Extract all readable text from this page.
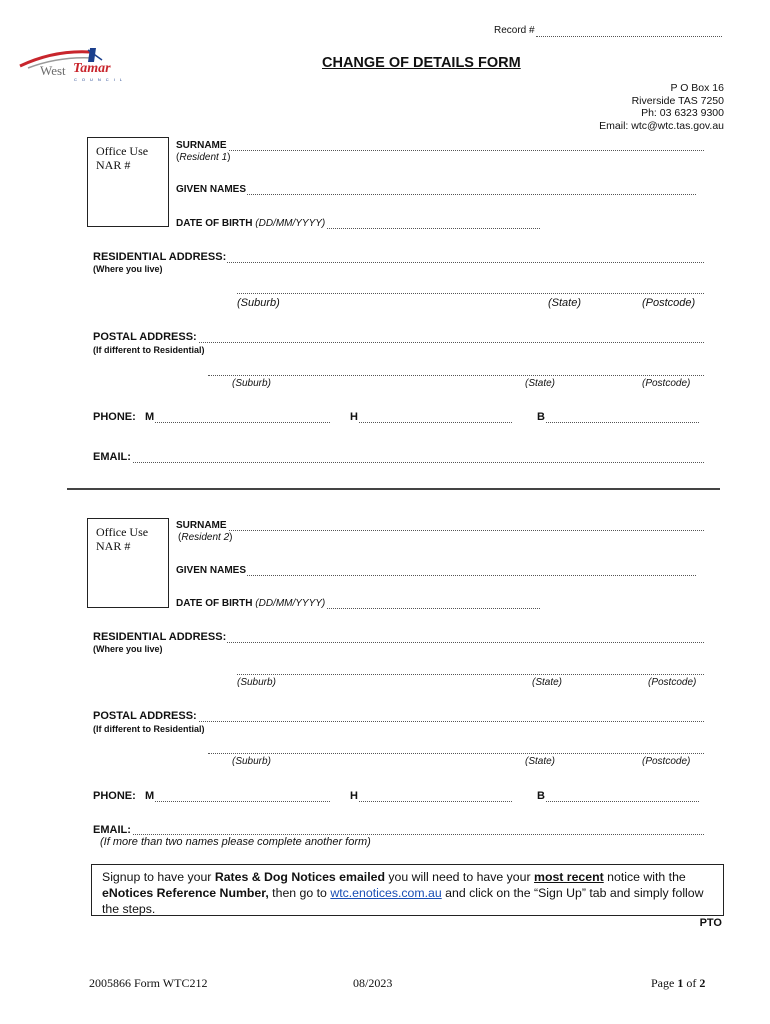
Record #
West Tamar
COUNCIL
CHANGE OF DETAILS FORM
P O Box 16
Riverside TAS 7250
Ph: 03 6323 9300
Email: wtc@wtc.tas.gov.au
Office Use
NAR #
SURNAME
(Resident 1)
GIVEN NAMES
DATE OF BIRTH (DD/MM/YYYY)
RESIDENTIAL ADDRESS:
(Where you live)
(Suburb)	(State)	(Postcode)
POSTAL ADDRESS:
(If different to Residential)
(Suburb)	(State)	(Postcode)
PHONE: M	H	B
EMAIL:
Office Use
NAR #
SURNAME
(Resident 2)
GIVEN NAMES
DATE OF BIRTH (DD/MM/YYYY)
RESIDENTIAL ADDRESS:
(Where you live)
(Suburb)	(State)	(Postcode)
POSTAL ADDRESS:
(If different to Residential)
(Suburb)	(State)	(Postcode)
PHONE: M	H	B
EMAIL:
(If more than two names please complete another form)
Signup to have your Rates & Dog Notices emailed you will need to have your most recent notice with the eNotices Reference Number, then go to wtc.enotices.com.au and click on the “Sign Up” tab and simply follow the steps.
PTO
2005866 Form WTC212	08/2023	Page 1 of 2
